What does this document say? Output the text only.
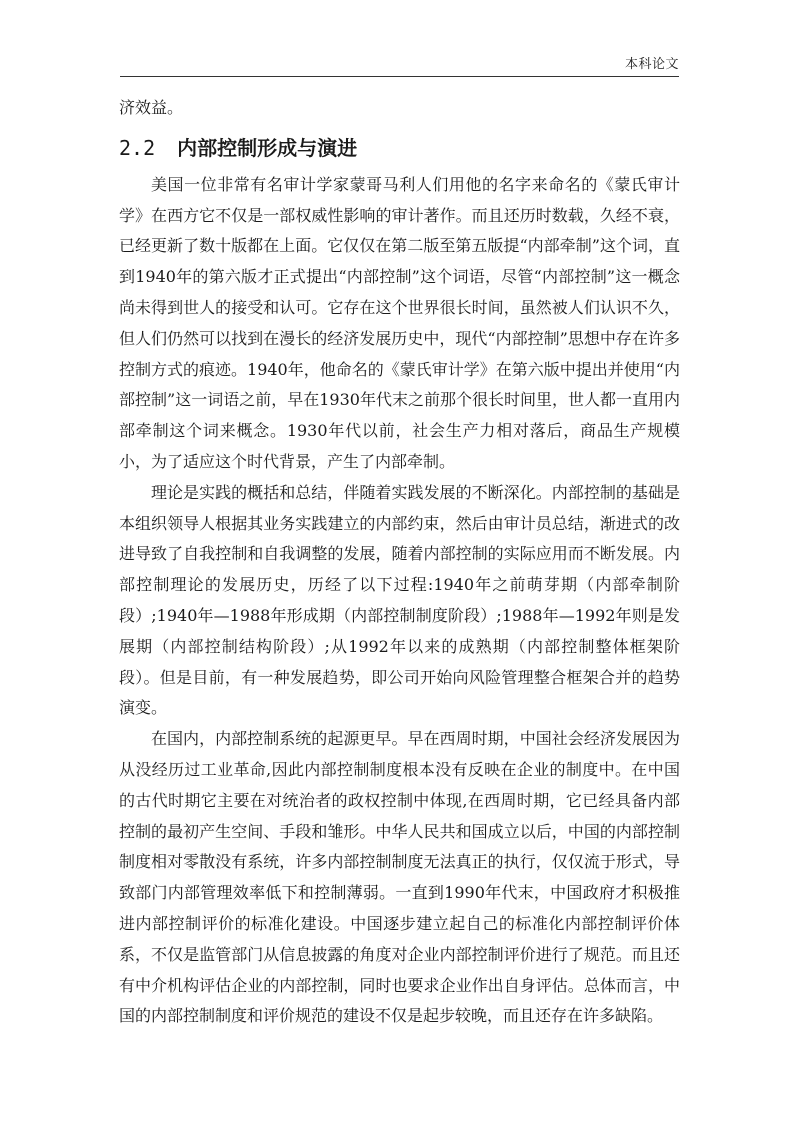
本科论文

济效益。

2.2 内部控制形成与演进

美国一位非常有名审计学家蒙哥马利人们用他的名字来命名的《蒙氏审计学》在西方它不仅是一部权威性影响的审计著作。而且还历时数载，久经不衰，已经更新了数十版都在上面。它仅仅在第二版至第五版提“内部牵制”这个词，直到1940年的第六版才正式提出“内部控制”这个词语，尽管“内部控制”这一概念尚未得到世人的接受和认可。它存在这个世界很长时间，虽然被人们认识不久，但人们仍然可以找到在漫长的经济发展历史中，现代“内部控制”思想中存在许多控制方式的痕迹。1940年，他命名的《蒙氏审计学》在第六版中提出并使用“内部控制”这一词语之前，早在1930年代末之前那个很长时间里，世人都一直用内部牵制这个词来概念。1930年代以前，社会生产力相对落后，商品生产规模小，为了适应这个时代背景，产生了内部牵制。

理论是实践的概括和总结，伴随着实践发展的不断深化。内部控制的基础是本组织领导人根据其业务实践建立的内部约束，然后由审计员总结，渐进式的改进导致了自我控制和自我调整的发展，随着内部控制的实际应用而不断发展。内部控制理论的发展历史，历经了以下过程:1940年之前萌芽期（内部牵制阶段）;1940年—1988年形成期（内部控制制度阶段）;1988年—1992年则是发展期（内部控制结构阶段）;从1992年以来的成熟期（内部控制整体框架阶段）。但是目前，有一种发展趋势，即公司开始向风险管理整合框架合并的趋势演变。

在国内，内部控制系统的起源更早。早在西周时期，中国社会经济发展因为从没经历过工业革命,因此内部控制制度根本没有反映在企业的制度中。在中国的古代时期它主要在对统治者的政权控制中体现,在西周时期，它已经具备内部控制的最初产生空间、手段和雏形。中华人民共和国成立以后，中国的内部控制制度相对零散没有系统，许多内部控制制度无法真正的执行，仅仅流于形式，导致部门内部管理效率低下和控制薄弱。一直到1990年代末，中国政府才积极推进内部控制评价的标准化建设。中国逐步建立起自己的标准化内部控制评价体系，不仅是监管部门从信息披露的角度对企业内部控制评价进行了规范。而且还有中介机构评估企业的内部控制，同时也要求企业作出自身评估。总体而言，中国的内部控制制度和评价规范的建设不仅是起步较晚，而且还存在许多缺陷。
